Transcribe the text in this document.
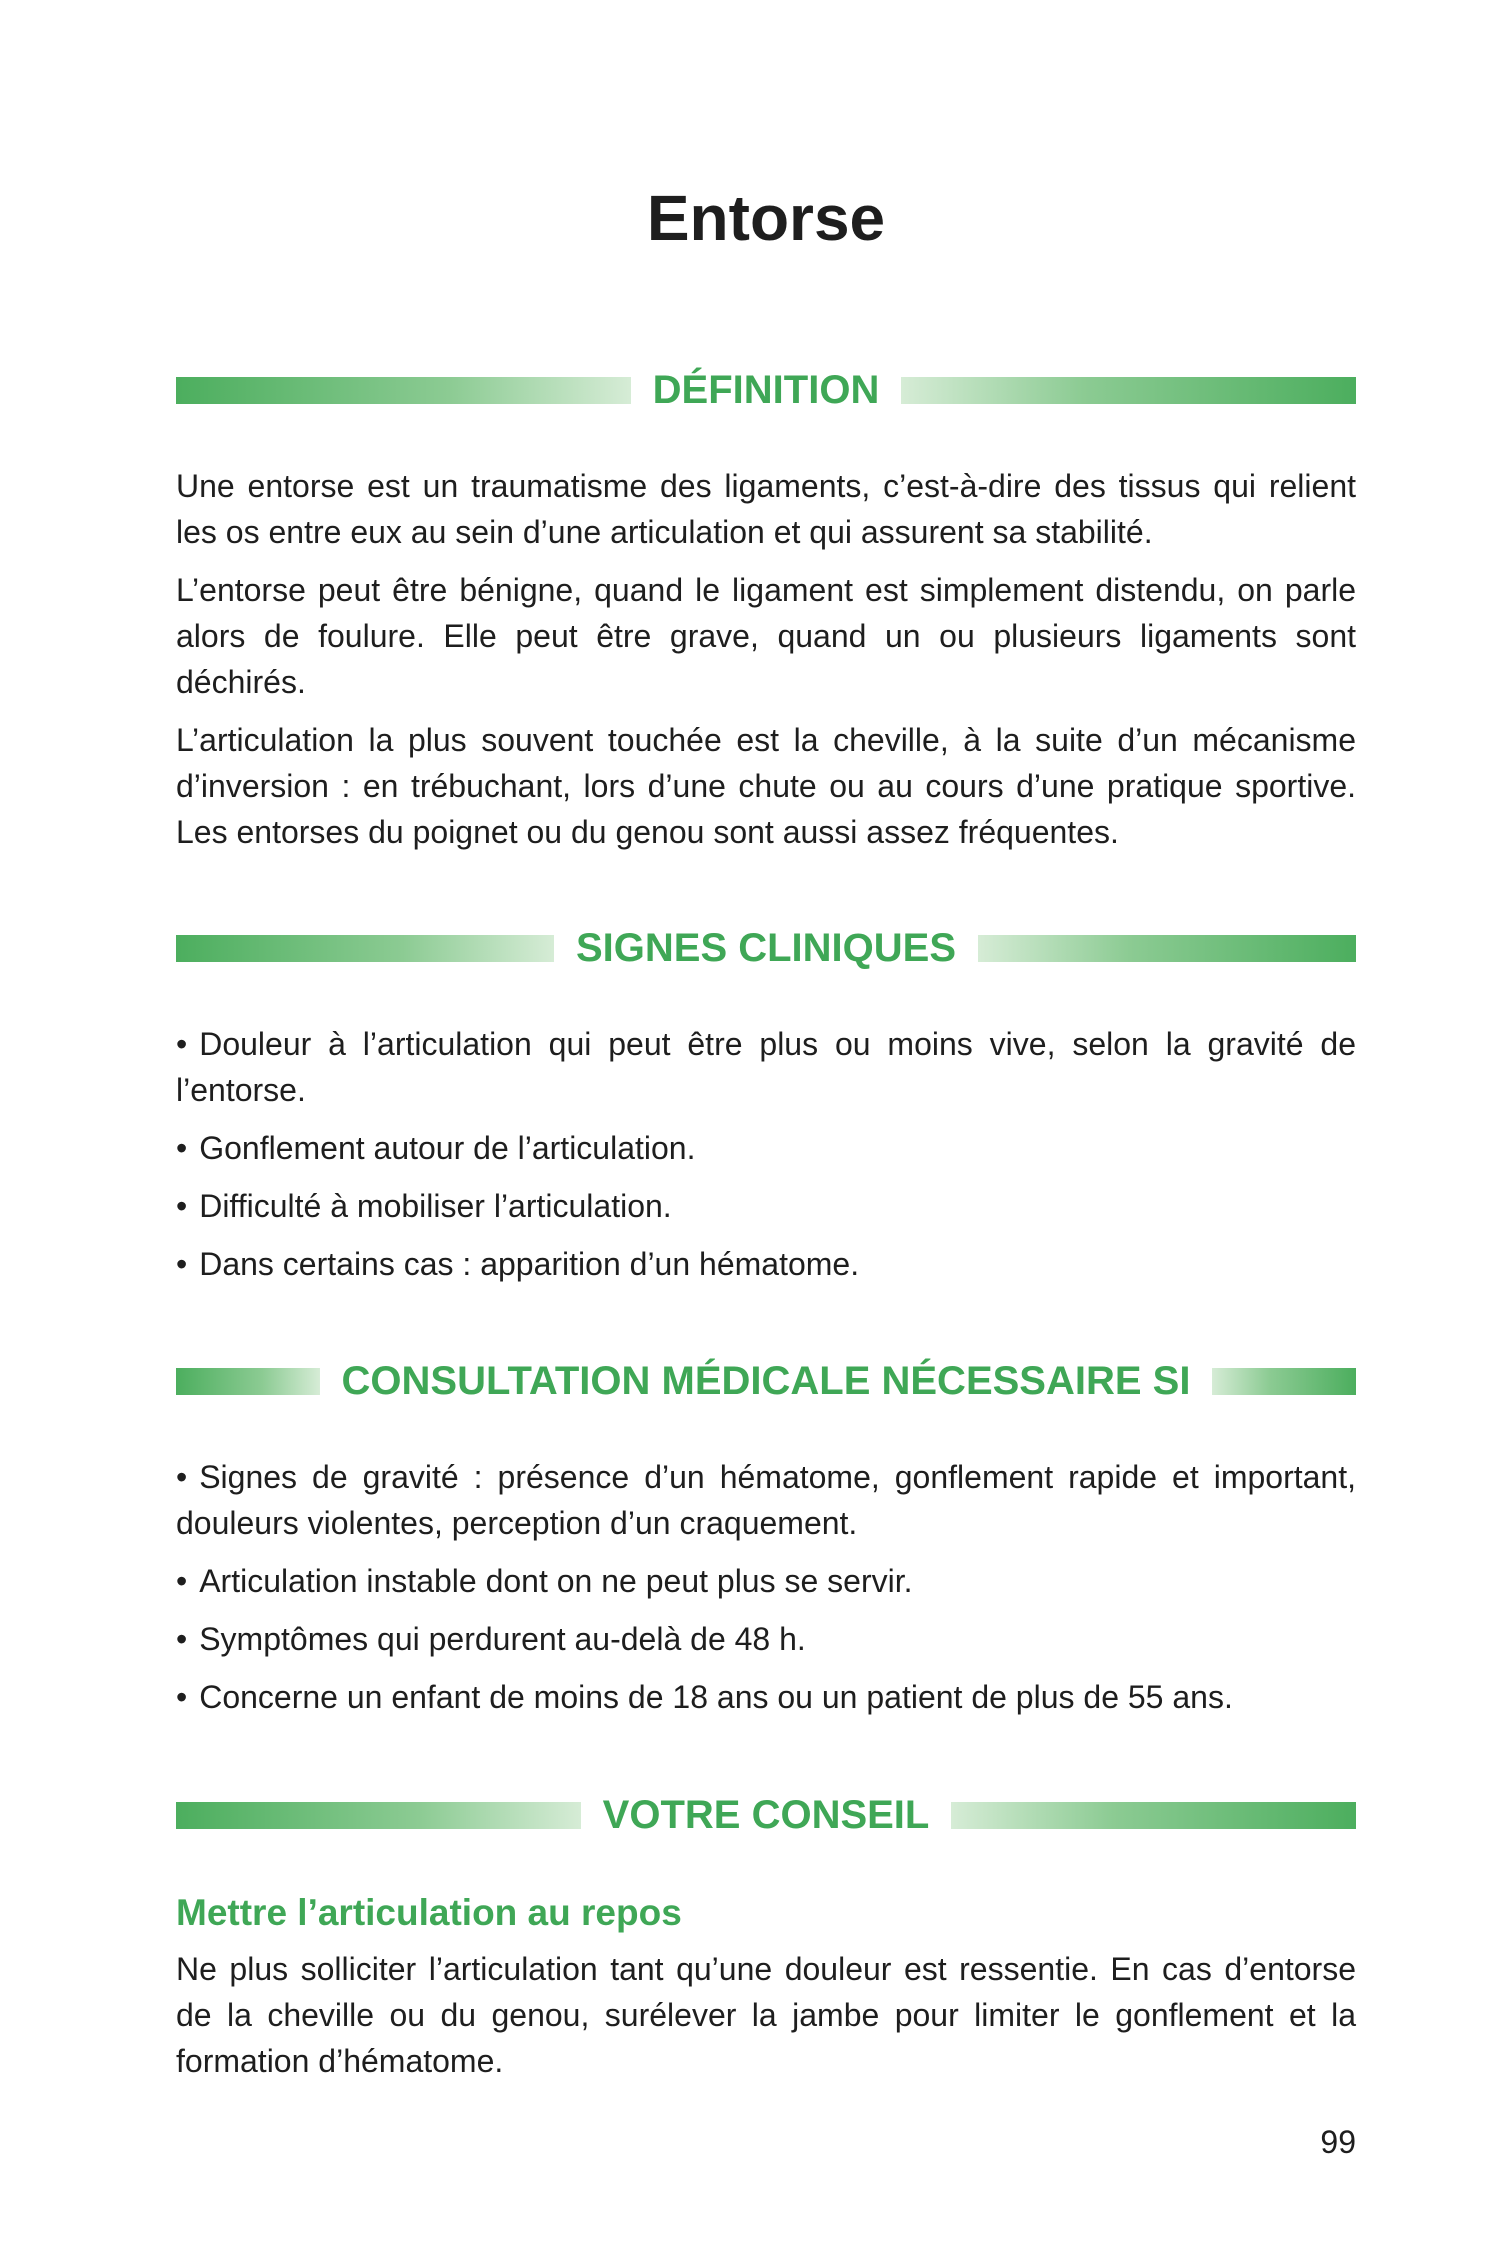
Entorse
DÉFINITION

Une entorse est un traumatisme des ligaments, c’est-à-dire des tissus qui relient les os entre eux au sein d’une articulation et qui assurent sa stabilité.

L’entorse peut être bénigne, quand le ligament est simplement distendu, on parle alors de foulure. Elle peut être grave, quand un ou plusieurs ligaments sont déchirés.

L’articulation la plus souvent touchée est la cheville, à la suite d’un mécanisme d’inversion : en trébuchant, lors d’une chute ou au cours d’une pratique sportive. Les entorses du poignet ou du genou sont aussi assez fréquentes.

SIGNES CLINIQUES
• Douleur à l’articulation qui peut être plus ou moins vive, selon la gravité de l’entorse.
• Gonflement autour de l’articulation.
• Difficulté à mobiliser l’articulation.
• Dans certains cas : apparition d’un hématome.
CONSULTATION MÉDICALE NÉCESSAIRE SI
• Signes de gravité : présence d’un hématome, gonflement rapide et important, douleurs violentes, perception d’un craquement.
• Articulation instable dont on ne peut plus se servir.
• Symptômes qui perdurent au-delà de 48 h.
• Concerne un enfant de moins de 18 ans ou un patient de plus de 55 ans.
VOTRE CONSEIL
Mettre l’articulation au repos

Ne plus solliciter l’articulation tant qu’une douleur est ressentie. En cas d’entorse de la cheville ou du genou, surélever la jambe pour limiter le gonflement et la formation d’hématome.

99
